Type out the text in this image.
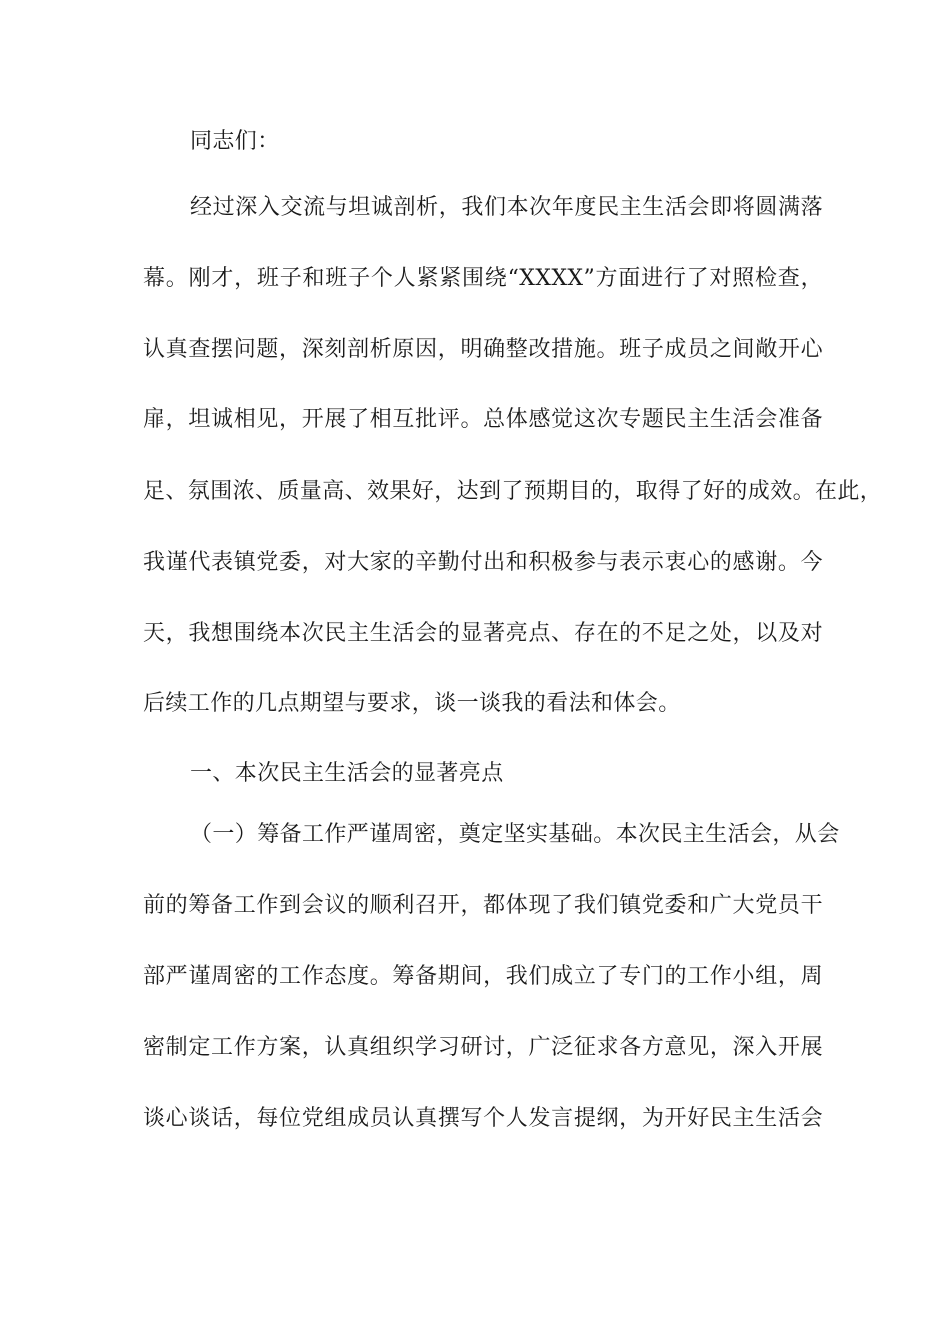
同志们：
经过深入交流与坦诚剖析，我们本次年度民主生活会即将圆满落
幕。刚才，班子和班子个人紧紧围绕“XXXX”方面进行了对照检查，
认真查摆问题，深刻剖析原因，明确整改措施。班子成员之间敞开心
扉，坦诚相见，开展了相互批评。总体感觉这次专题民主生活会准备
足、氛围浓、质量高、效果好，达到了预期目的，取得了好的成效。在此，
我谨代表镇党委，对大家的辛勤付出和积极参与表示衷心的感谢。今
天，我想围绕本次民主生活会的显著亮点、存在的不足之处，以及对
后续工作的几点期望与要求，谈一谈我的看法和体会。
一、本次民主生活会的显著亮点
（一）筹备工作严谨周密，奠定坚实基础。本次民主生活会，从会
前的筹备工作到会议的顺利召开，都体现了我们镇党委和广大党员干
部严谨周密的工作态度。筹备期间，我们成立了专门的工作小组，周
密制定工作方案，认真组织学习研讨，广泛征求各方意见，深入开展
谈心谈话，每位党组成员认真撰写个人发言提纲，为开好民主生活会
